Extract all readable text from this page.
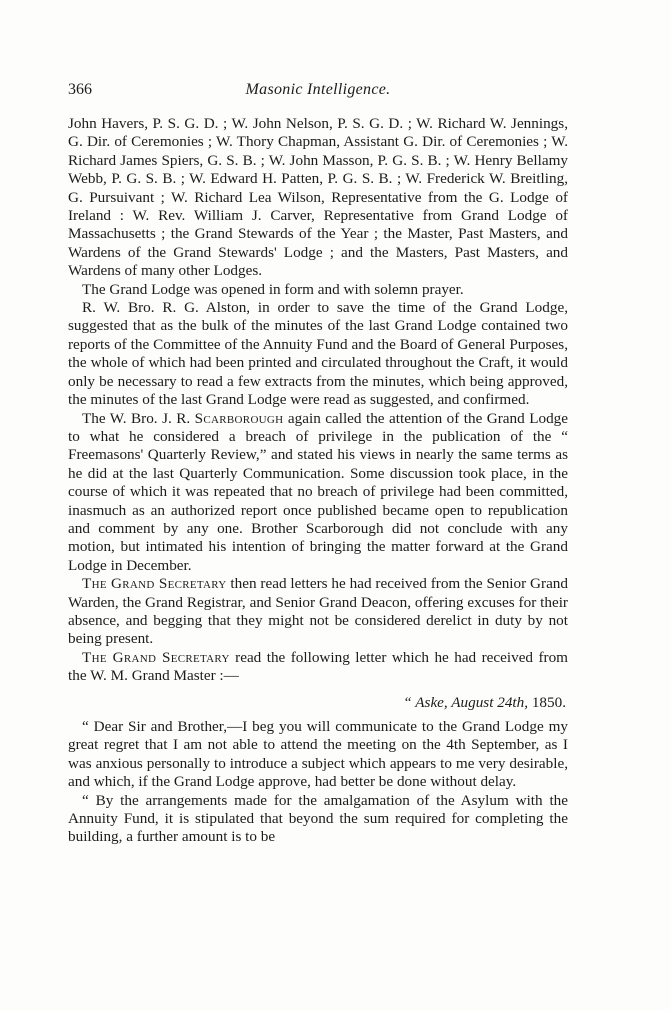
366	Masonic Intelligence.

John Havers, P. S. G. D. ; W. John Nelson, P. S. G. D. ; W. Richard W. Jennings, G. Dir. of Ceremonies ; W. Thory Chapman, Assistant G. Dir. of Ceremonies ; W. Richard James Spiers, G. S. B. ; W. John Masson, P. G. S. B. ; W. Henry Bellamy Webb, P. G. S. B. ; W. Edward H. Patten, P. G. S. B. ; W. Frederick W. Breitling, G. Pursuivant ; W. Richard Lea Wilson, Representative from the G. Lodge of Ireland : W. Rev. William J. Carver, Representative from Grand Lodge of Massachusetts ; the Grand Stewards of the Year ; the Master, Past Masters, and Wardens of the Grand Stewards' Lodge ; and the Masters, Past Masters, and Wardens of many other Lodges.

The Grand Lodge was opened in form and with solemn prayer.

R. W. Bro. R. G. Alston, in order to save the time of the Grand Lodge, suggested that as the bulk of the minutes of the last Grand Lodge contained two reports of the Committee of the Annuity Fund and the Board of General Purposes, the whole of which had been printed and circulated throughout the Craft, it would only be necessary to read a few extracts from the minutes, which being approved, the minutes of the last Grand Lodge were read as suggested, and confirmed.

The W. Bro. J. R. Scarborough again called the attention of the Grand Lodge to what he considered a breach of privilege in the publication of the “ Freemasons' Quarterly Review,” and stated his views in nearly the same terms as he did at the last Quarterly Communication. Some discussion took place, in the course of which it was repeated that no breach of privilege had been committed, inasmuch as an authorized report once published became open to republication and comment by any one. Brother Scarborough did not conclude with any motion, but intimated his intention of bringing the matter forward at the Grand Lodge in December.

The Grand Secretary then read letters he had received from the Senior Grand Warden, the Grand Registrar, and Senior Grand Deacon, offering excuses for their absence, and begging that they might not be considered derelict in duty by not being present.

The Grand Secretary read the following letter which he had received from the W. M. Grand Master :—

“ Aske, August 24th, 1850.

“ Dear Sir and Brother,—I beg you will communicate to the Grand Lodge my great regret that I am not able to attend the meeting on the 4th September, as I was anxious personally to introduce a subject which appears to me very desirable, and which, if the Grand Lodge approve, had better be done without delay.

“ By the arrangements made for the amalgamation of the Asylum with the Annuity Fund, it is stipulated that beyond the sum required for completing the building, a further amount is to be
